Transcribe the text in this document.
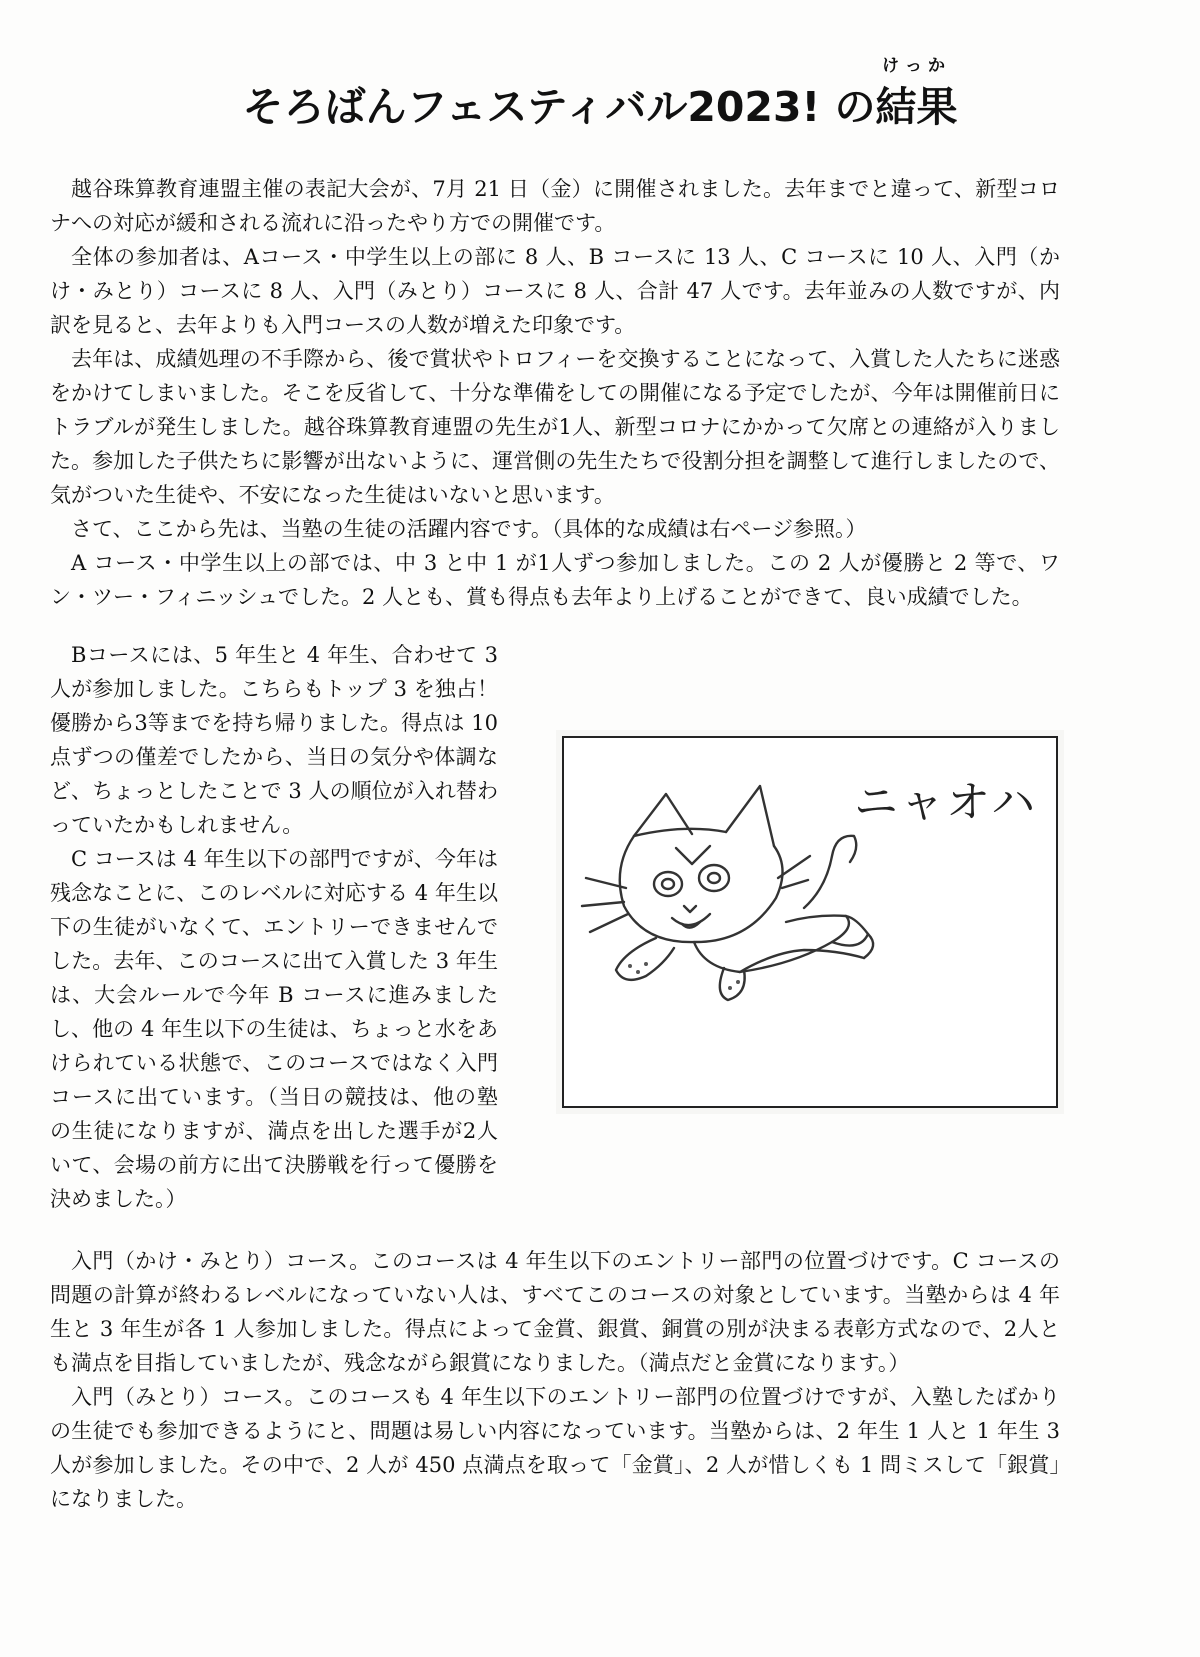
そろばんフェスティバル2023! の
けっか
結果

越谷珠算教育連盟主催の表記大会が、7月 21 日（金）に開催されました。去年までと違って、新型コロナへの対応が緩和される流れに沿ったやり方での開催です。

全体の参加者は、Aコース・中学生以上の部に 8 人、B コースに 13 人、C コースに 10 人、入門（かけ・みとり）コースに 8 人、入門（みとり）コースに 8 人、合計 47 人です。去年並みの人数ですが、内訳を見ると、去年よりも入門コースの人数が増えた印象です。

去年は、成績処理の不手際から、後で賞状やトロフィーを交換することになって、入賞した人たちに迷惑をかけてしまいました。そこを反省して、十分な準備をしての開催になる予定でしたが、今年は開催前日にトラブルが発生しました。越谷珠算教育連盟の先生が1人、新型コロナにかかって欠席との連絡が入りました。参加した子供たちに影響が出ないように、運営側の先生たちで役割分担を調整して進行しましたので、気がついた生徒や、不安になった生徒はいないと思います。

さて、ここから先は、当塾の生徒の活躍内容です。（具体的な成績は右ページ参照。）

A コース・中学生以上の部では、中 3 と中 1 が1人ずつ参加しました。この 2 人が優勝と 2 等で、ワン・ツー・フィニッシュでした。2 人とも、賞も得点も去年より上げることができて、良い成績でした。

Bコースには、5 年生と 4 年生、合わせて 3 人が参加しました。こちらもトップ 3 を独占！優勝から3等までを持ち帰りました。得点は 10 点ずつの僅差でしたから、当日の気分や体調など、ちょっとしたことで 3 人の順位が入れ替わっていたかもしれません。

C コースは 4 年生以下の部門ですが、今年は残念なことに、このレベルに対応する 4 年生以下の生徒がいなくて、エントリーできませんでした。去年、このコースに出て入賞した 3 年生は、大会ルールで今年 B コースに進みましたし、他の 4 年生以下の生徒は、ちょっと水をあけられている状態で、このコースではなく入門コースに出ています。（当日の競技は、他の塾の生徒になりますが、満点を出した選手が2人いて、会場の前方に出て決勝戦を行って優勝を決めました。）

ニャオハ

入門（かけ・みとり）コース。このコースは 4 年生以下のエントリー部門の位置づけです。C コースの問題の計算が終わるレベルになっていない人は、すべてこのコースの対象としています。当塾からは 4 年生と 3 年生が各 1 人参加しました。得点によって金賞、銀賞、銅賞の別が決まる表彰方式なので、2人とも満点を目指していましたが、残念ながら銀賞になりました。（満点だと金賞になります。）

入門（みとり）コース。このコースも 4 年生以下のエントリー部門の位置づけですが、入塾したばかりの生徒でも参加できるようにと、問題は易しい内容になっています。当塾からは、2 年生 1 人と 1 年生 3 人が参加しました。その中で、2 人が 450 点満点を取って「金賞」、2 人が惜しくも 1 問ミスして「銀賞」になりました。
